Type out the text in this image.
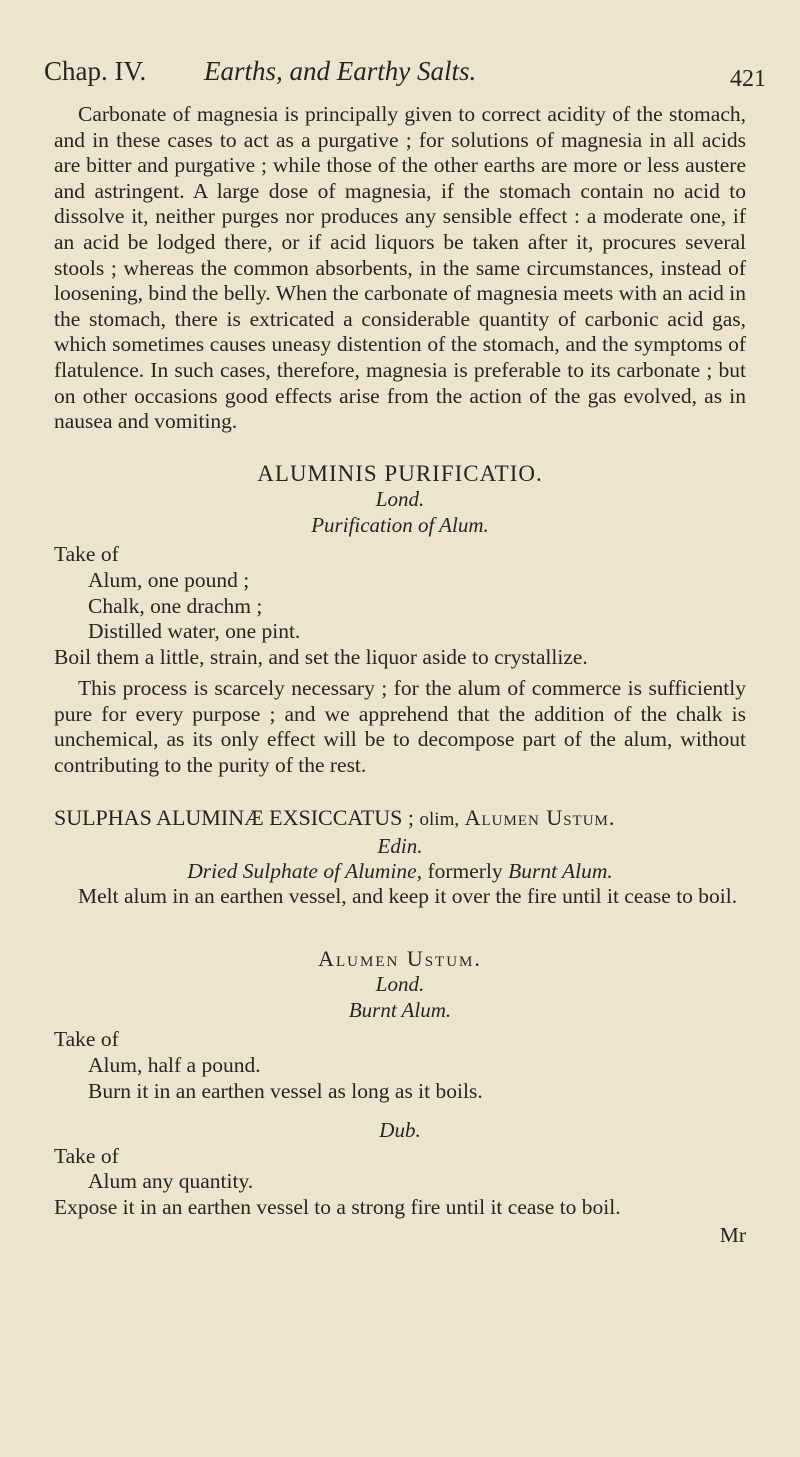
Chap. IV. Earths, and Earthy Salts.	421

Carbonate of magnesia is principally given to correct acidity of the stomach, and in these cases to act as a purgative ; for solutions of magnesia in all acids are bitter and purgative ; while those of the other earths are more or less austere and astringent. A large dose of magnesia, if the stomach contain no acid to dissolve it, neither purges nor produces any sensible effect : a moderate one, if an acid be lodged there, or if acid liquors be taken after it, procures several stools ; whereas the common absorbents, in the same circumstances, instead of loosening, bind the belly. When the carbonate of magnesia meets with an acid in the stomach, there is extricated a considerable quantity of carbonic acid gas, which sometimes causes uneasy distention of the stomach, and the symptoms of flatulence. In such cases, therefore, magnesia is preferable to its carbonate ; but on other occasions good effects arise from the action of the gas evolved, as in nausea and vomiting.

ALUMINIS PURIFICATIO.

Lond.

Purification of Alum.

Take of

Alum, one pound ;
Chalk, one drachm ;
Distilled water, one pint.

Boil them a little, strain, and set the liquor aside to crystallize.

This process is scarcely necessary ; for the alum of commerce is sufficiently pure for every purpose ; and we apprehend that the addition of the chalk is unchemical, as its only effect will be to decompose part of the alum, without contributing to the purity of the rest.

SULPHAS ALUMINÆ EXSICCATUS ; olim, Alumen Ustum.

Edin.

Dried Sulphate of Alumine, formerly Burnt Alum.

Melt alum in an earthen vessel, and keep it over the fire until it cease to boil.

Alumen Ustum.

Lond.

Burnt Alum.

Take of

Alum, half a pound.
Burn it in an earthen vessel as long as it boils.

Dub.

Take of

Alum any quantity.

Expose it in an earthen vessel to a strong fire until it cease to boil.

Mr
